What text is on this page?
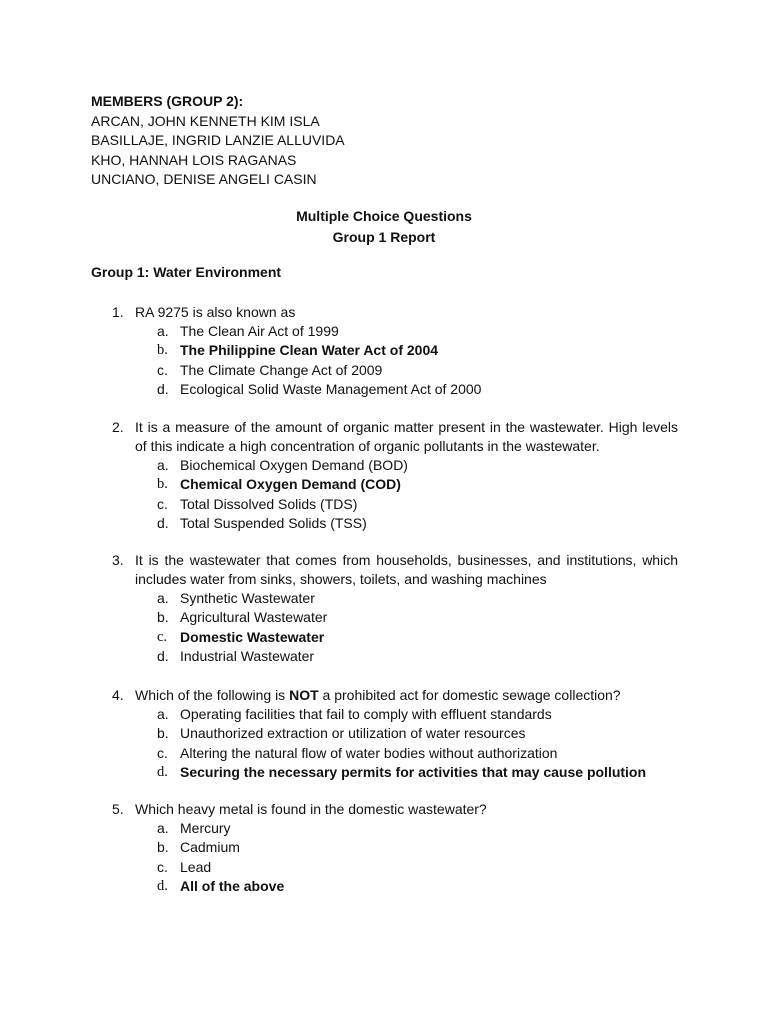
MEMBERS (GROUP 2):
ARCAN, JOHN KENNETH KIM ISLA
BASILLAJE, INGRID LANZIE ALLUVIDA
KHO, HANNAH LOIS RAGANAS
UNCIANO, DENISE ANGELI CASIN
Multiple Choice Questions
Group 1 Report
Group 1: Water Environment
1. RA 9275 is also known as
a. The Clean Air Act of 1999
b. The Philippine Clean Water Act of 2004
c. The Climate Change Act of 2009
d. Ecological Solid Waste Management Act of 2000
2. It is a measure of the amount of organic matter present in the wastewater. High levels of this indicate a high concentration of organic pollutants in the wastewater.
a. Biochemical Oxygen Demand (BOD)
b. Chemical Oxygen Demand (COD)
c. Total Dissolved Solids (TDS)
d. Total Suspended Solids (TSS)
3. It is the wastewater that comes from households, businesses, and institutions, which includes water from sinks, showers, toilets, and washing machines
a. Synthetic Wastewater
b. Agricultural Wastewater
c. Domestic Wastewater
d. Industrial Wastewater
4. Which of the following is NOT a prohibited act for domestic sewage collection?
a. Operating facilities that fail to comply with effluent standards
b. Unauthorized extraction or utilization of water resources
c. Altering the natural flow of water bodies without authorization
d. Securing the necessary permits for activities that may cause pollution
5. Which heavy metal is found in the domestic wastewater?
a. Mercury
b. Cadmium
c. Lead
d. All of the above
